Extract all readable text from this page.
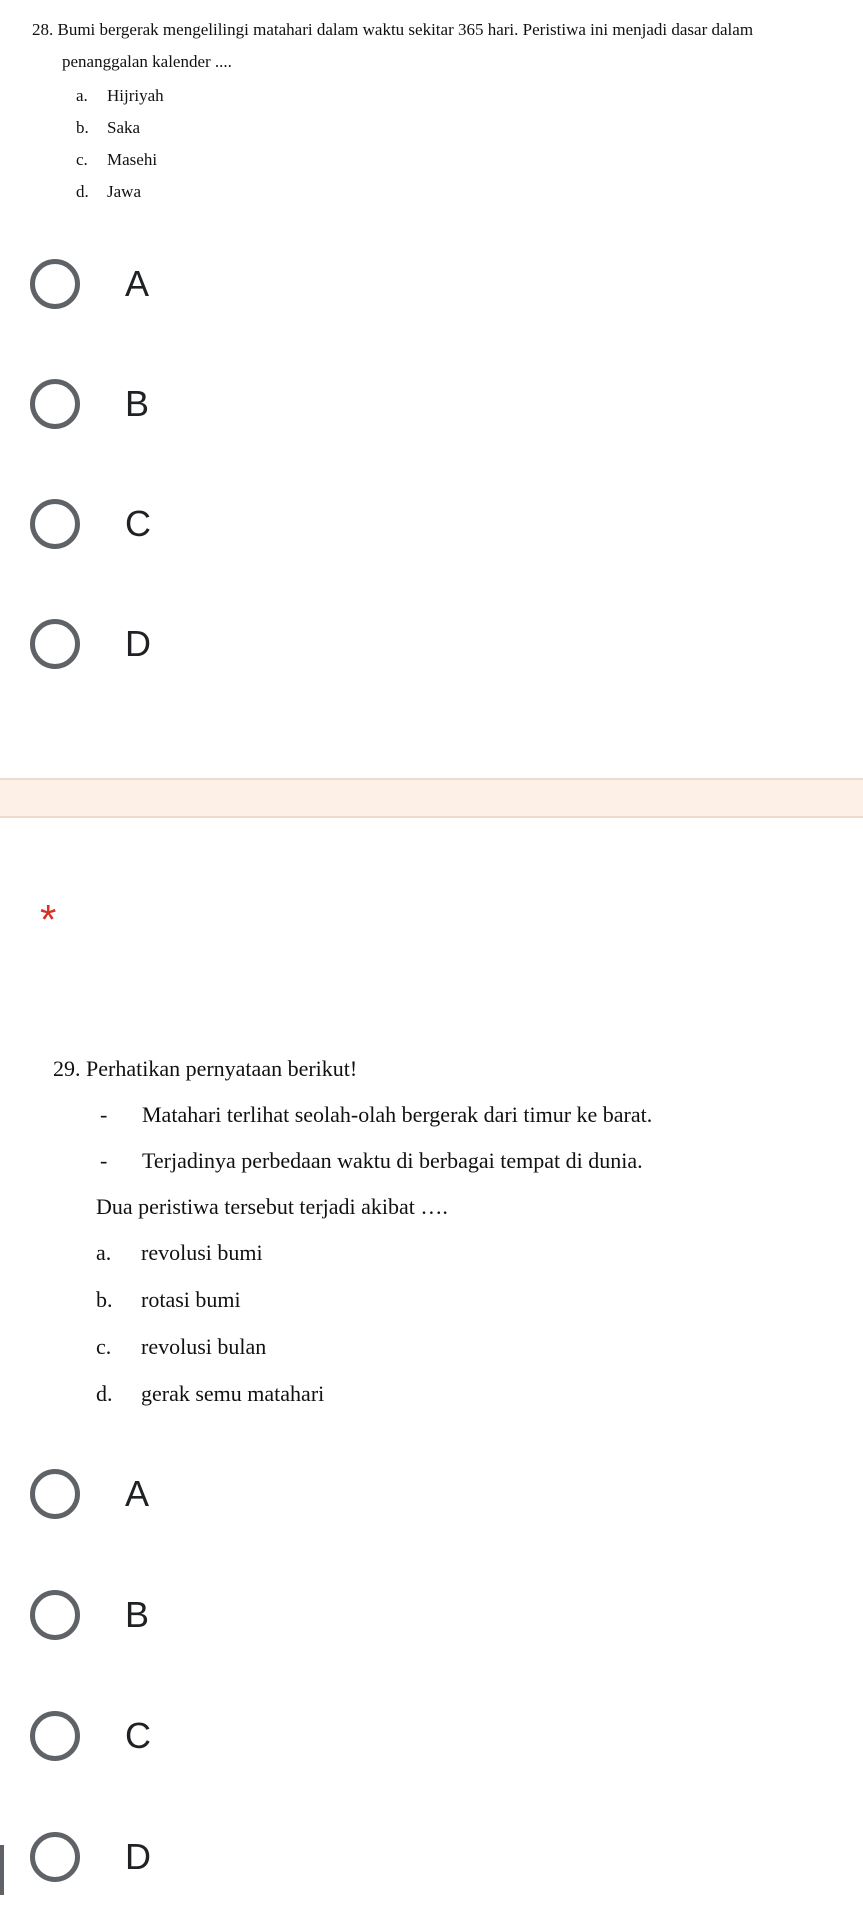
28. Bumi bergerak mengelilingi matahari dalam waktu sekitar 365 hari. Peristiwa ini menjadi dasar dalam
penanggalan kalender ....
a. Hijriyah
b. Saka
c. Masehi
d. Jawa
A
B
C
D
*
29. Perhatikan pernyataan berikut!
- Matahari terlihat seolah-olah bergerak dari timur ke barat.
- Terjadinya perbedaan waktu di berbagai tempat di dunia.
Dua peristiwa tersebut terjadi akibat ….
a. revolusi bumi
b. rotasi bumi
c. revolusi bulan
d. gerak semu matahari
A
B
C
D
